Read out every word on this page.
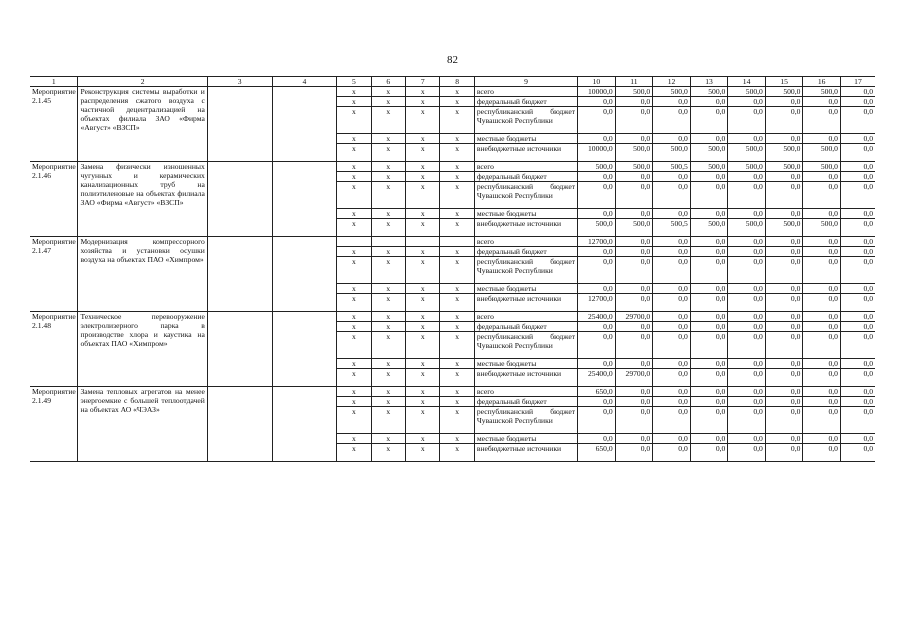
82
1	2	3	4	5	6	7	8	9	10	11	12	13	14	15	16	17
Мероприятие 2.1.45	Реконструкция системы выработки и распределения сжатого воздуха с частичной децентрализацией на объектах филиала ЗАО «Фирма «Август» «ВЗСП»			x	x	x	x	всего	10000,0	500,0	500,0	500,0	500,0	500,0	500,0	0,0
				x	x	x	x	федеральный бюджет	0,0	0,0	0,0	0,0	0,0	0,0	0,0	0,0
				x	x	x	x	республиканский бюджет Чувашской Республики	0,0	0,0	0,0	0,0	0,0	0,0	0,0	0,0
				x	x	x	x	местные бюджеты	0,0	0,0	0,0	0,0	0,0	0,0	0,0	0,0
				x	x	x	x	внебюджетные источники	10000,0	500,0	500,0	500,0	500,0	500,0	500,0	0,0
Мероприятие 2.1.46	Замена физически изношенных чугунных и керамических канализационных труб на полиэтиленовые на объектах филиала ЗАО «Фирма «Август» «ВЗСП»			x	x	x	x	всего	500,0	500,0	500,5	500,0	500,0	500,0	500,0	0,0
				x	x	x	x	федеральный бюджет	0,0	0,0	0,0	0,0	0,0	0,0	0,0	0,0
				x	x	x	x	республиканский бюджет Чувашской Республики	0,0	0,0	0,0	0,0	0,0	0,0	0,0	0,0
				x	x	x	x	местные бюджеты	0,0	0,0	0,0	0,0	0,0	0,0	0,0	0,0
				x	x	x	x	внебюджетные источники	500,0	500,0	500,5	500,0	500,0	500,0	500,0	0,0
Мероприятие 2.1.47	Модернизация компрессорного хозяйства и установки осушки воздуха на объектах ПАО «Химпром»							всего	12700,0	0,0	0,0	0,0	0,0	0,0	0,0	0,0
				x	x	x	x	федеральный бюджет	0,0	0,0	0,0	0,0	0,0	0,0	0,0	0,0
				x	x	x	x	республиканский бюджет Чувашской Республики	0,0	0,0	0,0	0,0	0,0	0,0	0,0	0,0
				x	x	x	x	местные бюджеты	0,0	0,0	0,0	0,0	0,0	0,0	0,0	0,0
				x	x	x	x	внебюджетные источники	12700,0	0,0	0,0	0,0	0,0	0,0	0,0	0,0
Мероприятие 2.1.48	Техническое перевооружение электролизерного парка в производстве хлора и каустика на объектах ПАО «Химпром»			x	x	x	x	всего	25400,0	29700,0	0,0	0,0	0,0	0,0	0,0	0,0
				x	x	x	x	федеральный бюджет	0,0	0,0	0,0	0,0	0,0	0,0	0,0	0,0
				x	x	x	x	республиканский бюджет Чувашской Республики	0,0	0,0	0,0	0,0	0,0	0,0	0,0	0,0
				x	x	x	x	местные бюджеты	0,0	0,0	0,0	0,0	0,0	0,0	0,0	0,0
				x	x	x	x	внебюджетные источники	25400,0	29700,0	0,0	0,0	0,0	0,0	0,0	0,0
Мероприятие 2.1.49	Замена тепловых агрегатов на менее энергоемкие с большей теплоотдачей на объектах АО «ЧЭАЗ»			x	x	x	x	всего	650,0	0,0	0,0	0,0	0,0	0,0	0,0	0,0
				x	x	x	x	федеральный бюджет	0,0	0,0	0,0	0,0	0,0	0,0	0,0	0,0
				x	x	x	x	республиканский бюджет Чувашской Республики	0,0	0,0	0,0	0,0	0,0	0,0	0,0	0,0
				x	x	x	x	местные бюджеты	0,0	0,0	0,0	0,0	0,0	0,0	0,0	0,0
				x	x	x	x	внебюджетные источники	650,0	0,0	0,0	0,0	0,0	0,0	0,0	0,0
